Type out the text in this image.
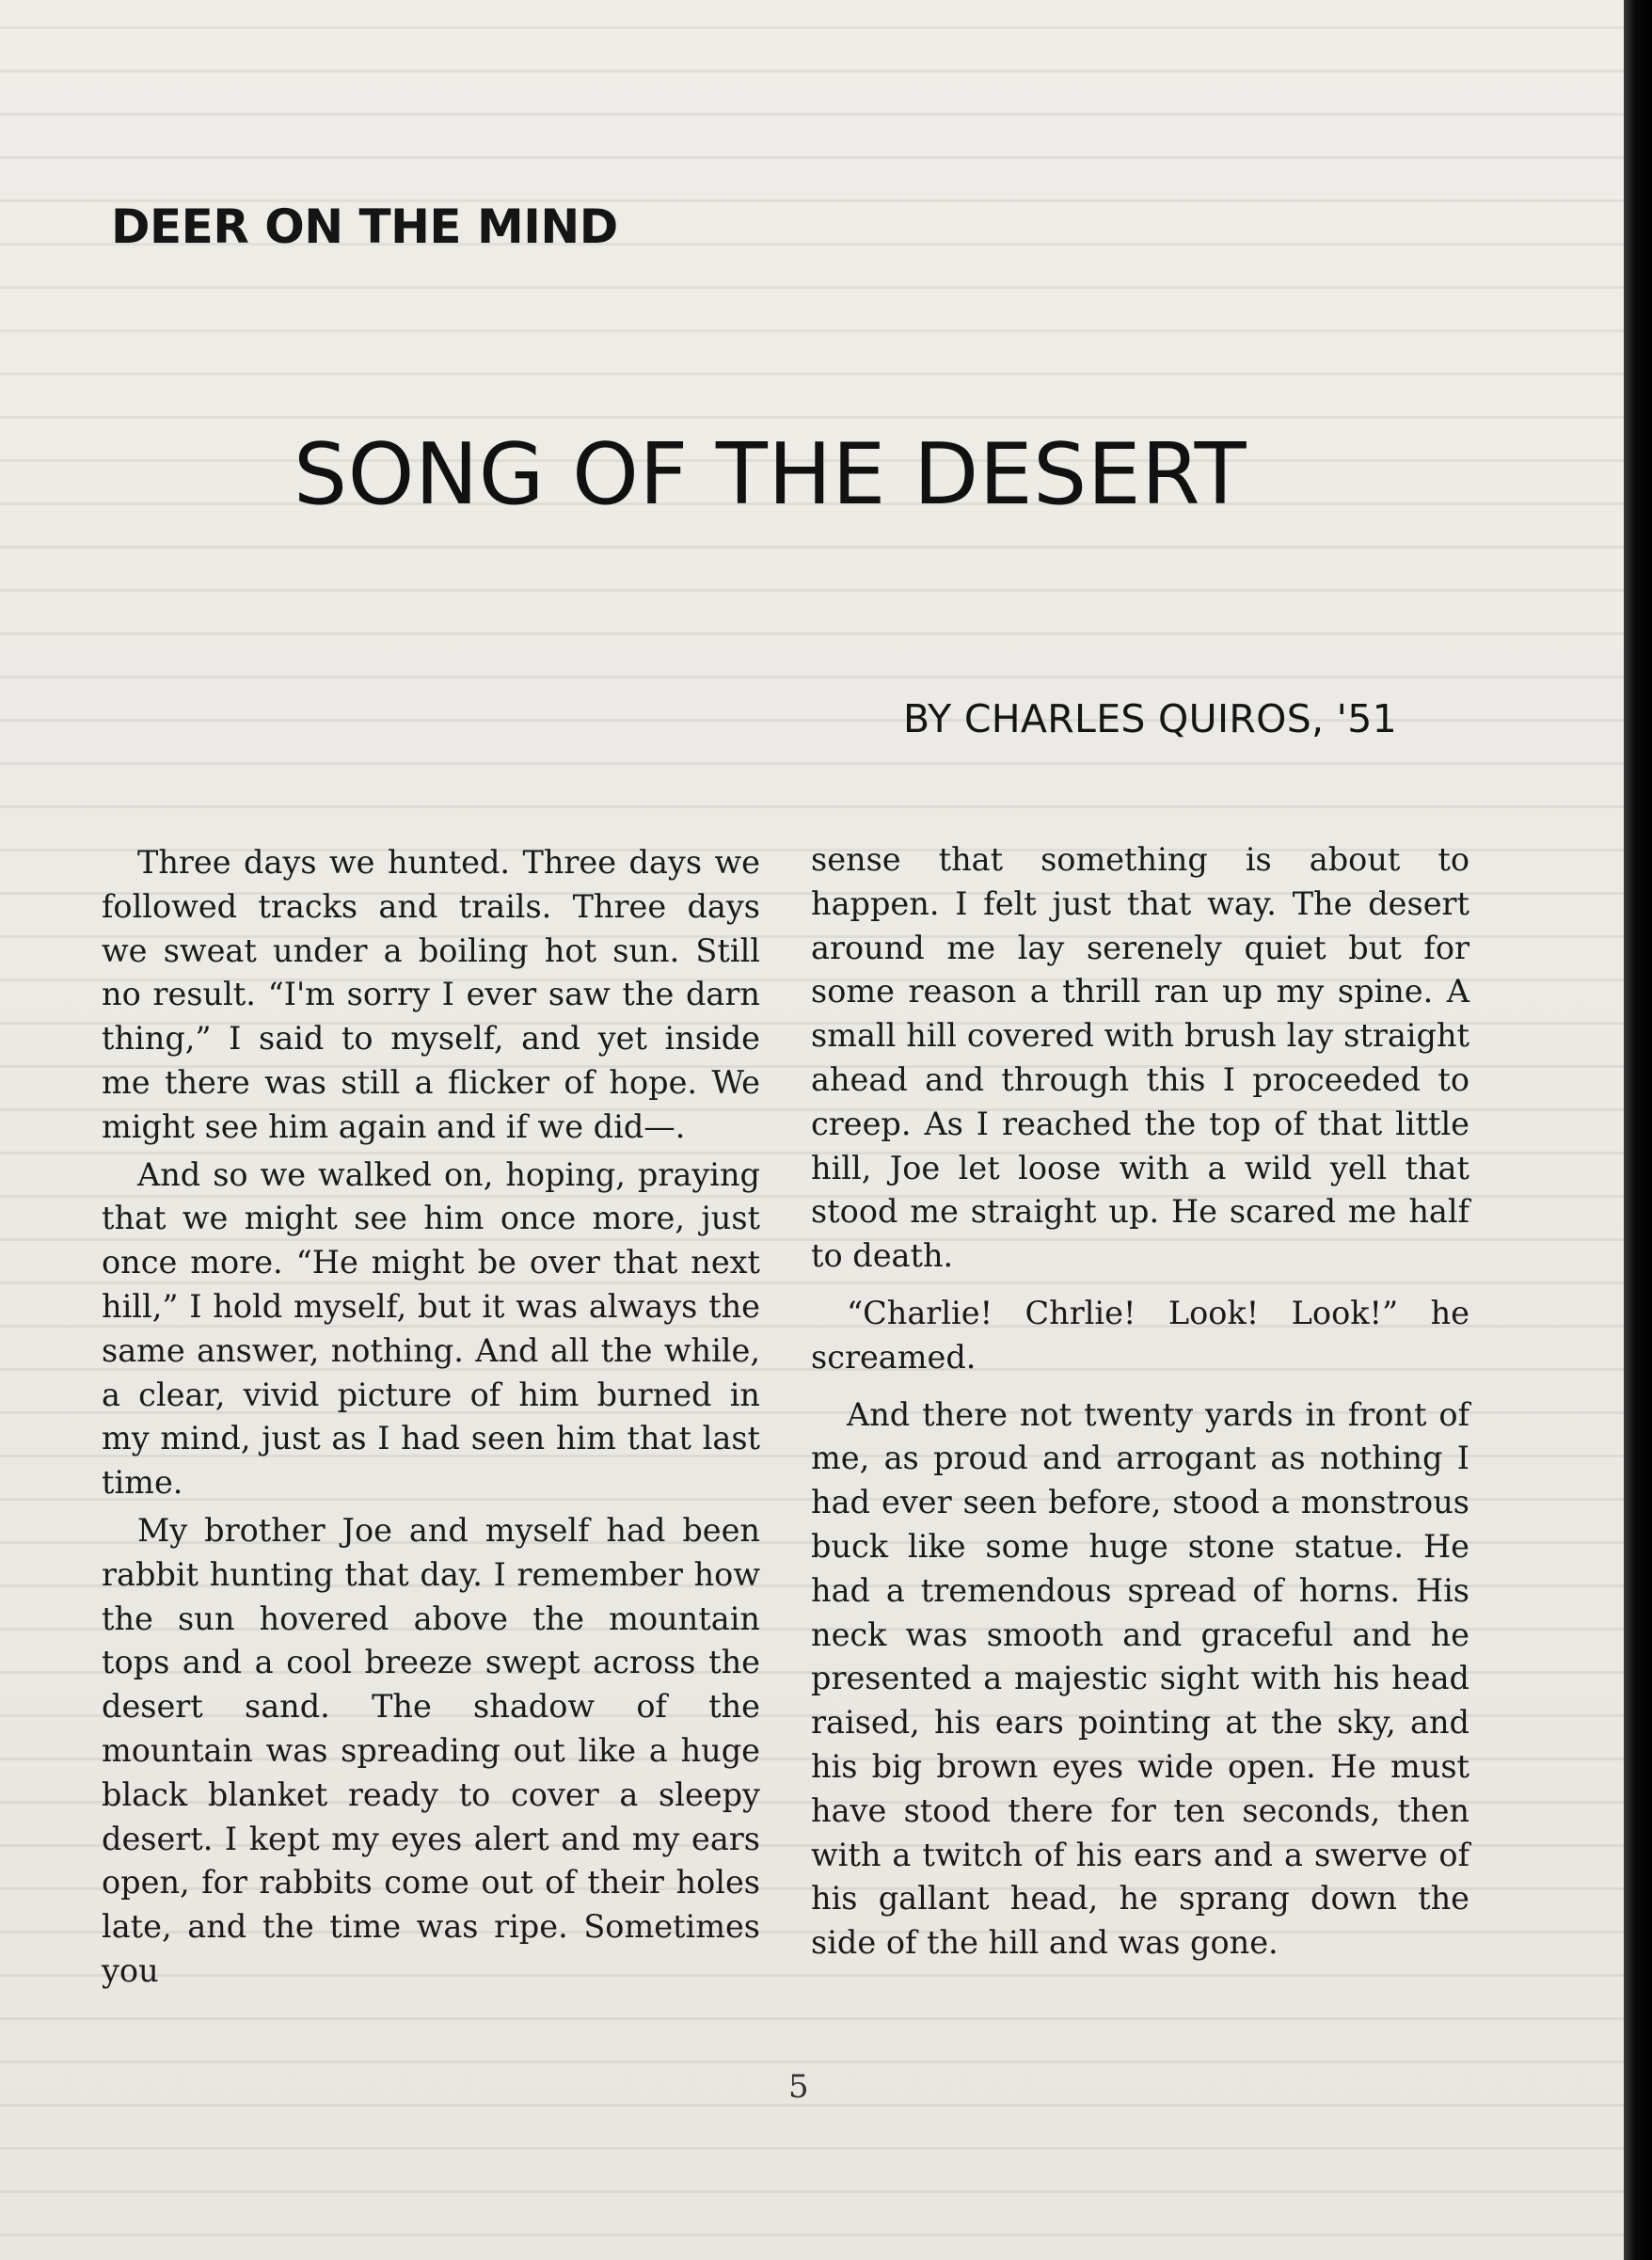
DEER ON THE MIND
SONG OF THE DESERT

BY CHARLES QUIROS, '51

Three days we hunted. Three days we followed tracks and trails. Three days we sweat under a boiling hot sun. Still no result. “I'm sorry I ever saw the darn thing,” I said to myself, and yet inside me there was still a flicker of hope. We might see him again and if we did—.

And so we walked on, hoping, praying that we might see him once more, just once more. “He might be over that next hill,” I hold myself, but it was always the same answer, nothing. And all the while, a clear, vivid picture of him burned in my mind, just as I had seen him that last time.

My brother Joe and myself had been rabbit hunting that day. I remember how the sun hovered above the mountain tops and a cool breeze swept across the desert sand. The shadow of the mountain was spreading out like a huge black blanket ready to cover a sleepy desert. I kept my eyes alert and my ears open, for rabbits come out of their holes late, and the time was ripe. Sometimes you

sense that something is about to happen. I felt just that way. The desert around me lay serenely quiet but for some reason a thrill ran up my spine. A small hill covered with brush lay straight ahead and through this I proceeded to creep. As I reached the top of that little hill, Joe let loose with a wild yell that stood me straight up. He scared me half to death.

“Charlie! Chrlie! Look! Look!” he screamed.

And there not twenty yards in front of me, as proud and arrogant as nothing I had ever seen before, stood a monstrous buck like some huge stone statue. He had a tremendous spread of horns. His neck was smooth and graceful and he presented a majestic sight with his head raised, his ears pointing at the sky, and his big brown eyes wide open. He must have stood there for ten seconds, then with a twitch of his ears and a swerve of his gallant head, he sprang down the side of the hill and was gone.

5
